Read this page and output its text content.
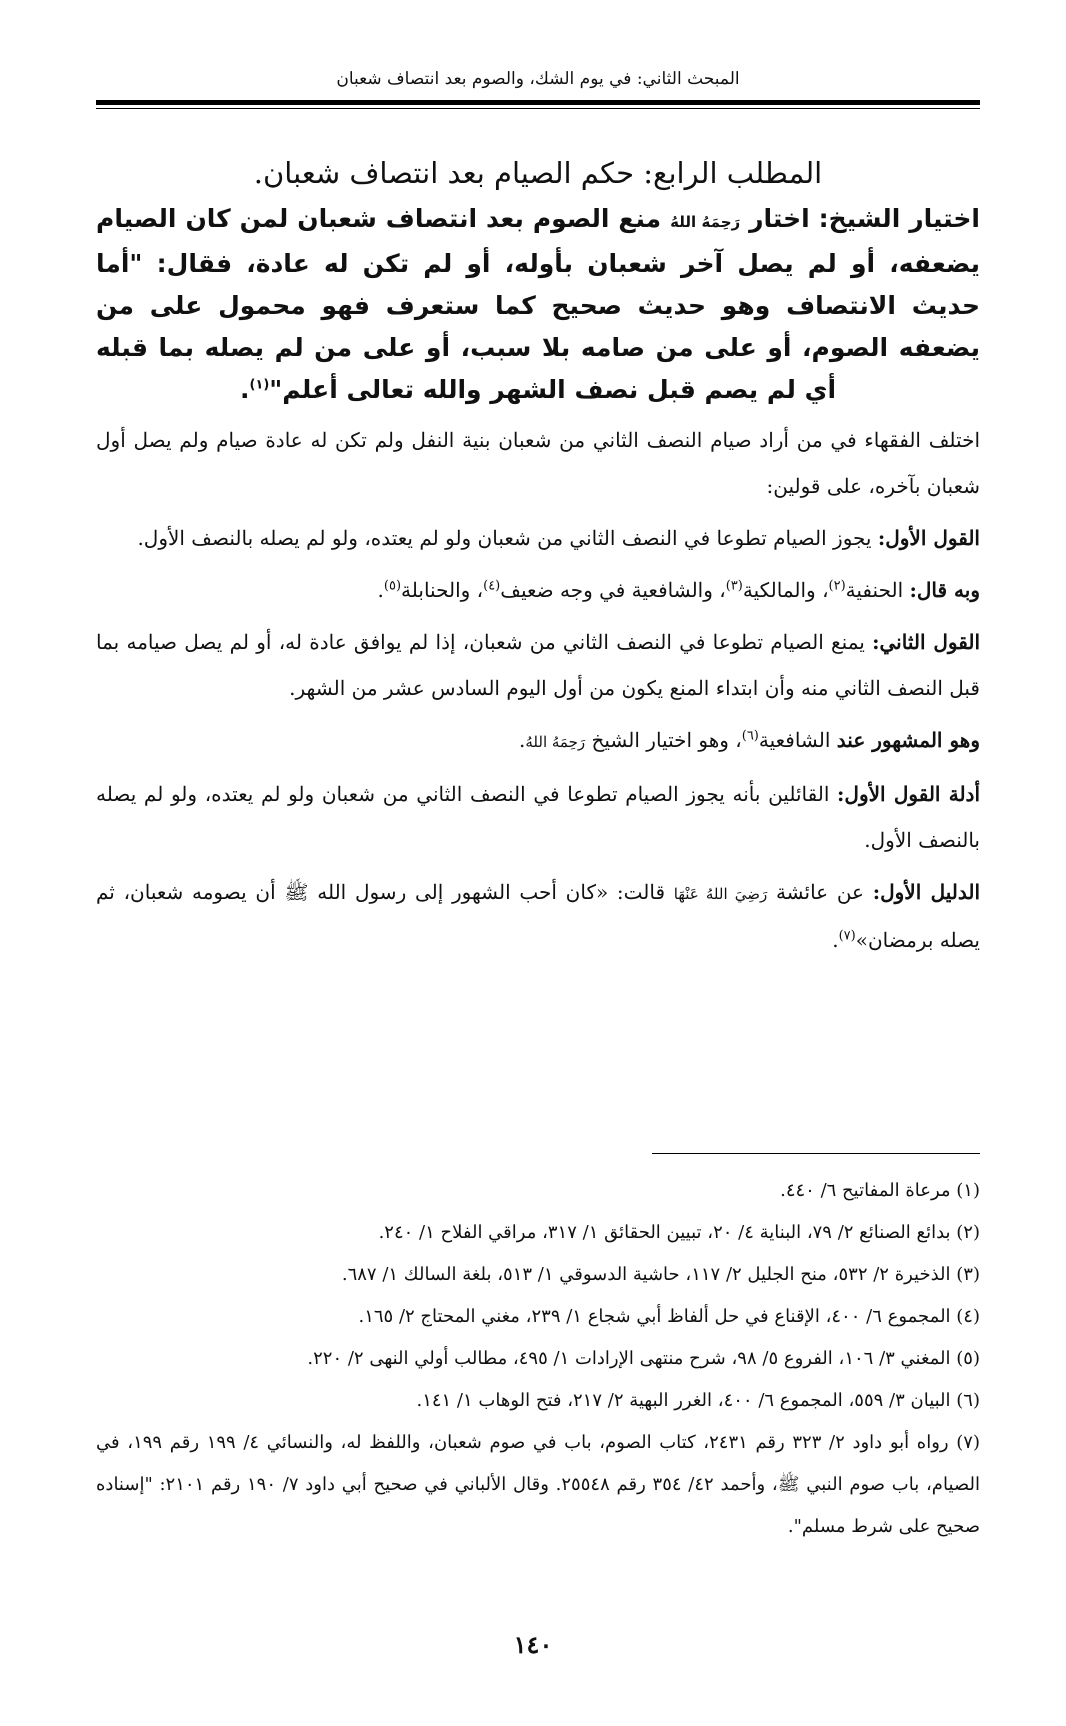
المبحث الثاني: في يوم الشك، والصوم بعد انتصاف شعبان
المطلب الرابع: حكم الصيام بعد انتصاف شعبان.

اختيار الشيخ: اختار رَحِمَهُ اللهُ منع الصوم بعد انتصاف شعبان لمن كان الصيام يضعفه، أو لم يصل آخر شعبان بأوله، أو لم تكن له عادة، فقال: "أما حديث الانتصاف وهو حديث صحيح كما ستعرف فهو محمول على من يضعفه الصوم، أو على من صامه بلا سبب، أو على من لم يصله بما قبله أي لم يصم قبل نصف الشهر والله تعالى أعلم"$^{(١)}$.

اختلف الفقهاء في من أراد صيام النصف الثاني من شعبان بنية النفل ولم تكن له عادة صيام ولم يصل أول شعبان بآخره، على قولين:

القول الأول: يجوز الصيام تطوعا في النصف الثاني من شعبان ولو لم يعتده، ولو لم يصله بالنصف الأول.

وبه قال: الحنفية$^{(٢)}$، والمالكية$^{(٣)}$، والشافعية في وجه ضعيف$^{(٤)}$، والحنابلة$^{(٥)}$.

القول الثاني: يمنع الصيام تطوعا في النصف الثاني من شعبان، إذا لم يوافق عادة له، أو لم يصل صيامه بما قبل النصف الثاني منه وأن ابتداء المنع يكون من أول اليوم السادس عشر من الشهر.

وهو المشهور عند الشافعية$^{(٦)}$، وهو اختيار الشيخ رَحِمَهُ اللهُ.

أدلة القول الأول: القائلين بأنه يجوز الصيام تطوعا في النصف الثاني من شعبان ولو لم يعتده، ولو لم يصله بالنصف الأول.

الدليل الأول: عن عائشة رَضِيَ اللهُ عَنْهَا قالت: «كان أحب الشهور إلى رسول الله ﷺ أن يصومه شعبان، ثم يصله برمضان»$^{(٧)}$.

(١) مرعاة المفاتيح ٦/ ٤٤٠.

(٢) بدائع الصنائع ٢/ ٧٩، البناية ٤/ ٢٠، تبيين الحقائق ١/ ٣١٧، مراقي الفلاح ١/ ٢٤٠.

(٣) الذخيرة ٢/ ٥٣٢، منح الجليل ٢/ ١١٧، حاشية الدسوقي ١/ ٥١٣، بلغة السالك ١/ ٦٨٧.

(٤) المجموع ٦/ ٤٠٠، الإقناع في حل ألفاظ أبي شجاع ١/ ٢٣٩، مغني المحتاج ٢/ ١٦٥.

(٥) المغني ٣/ ١٠٦، الفروع ٥/ ٩٨، شرح منتهى الإرادات ١/ ٤٩٥، مطالب أولي النهى ٢/ ٢٢٠.

(٦) البيان ٣/ ٥٥٩، المجموع ٦/ ٤٠٠، الغرر البهية ٢/ ٢١٧، فتح الوهاب ١/ ١٤١.

(٧) رواه أبو داود ٢/ ٣٢٣ رقم ٢٤٣١، كتاب الصوم، باب في صوم شعبان، واللفظ له، والنسائي ٤/ ١٩٩ رقم ١٩٩، في الصيام، باب صوم النبي ﷺ، وأحمد ٤٢/ ٣٥٤ رقم ٢٥٥٤٨. وقال الألباني في صحيح أبي داود ٧/ ١٩٠ رقم ٢١٠١: "إسناده صحيح على شرط مسلم".

١٤٠
